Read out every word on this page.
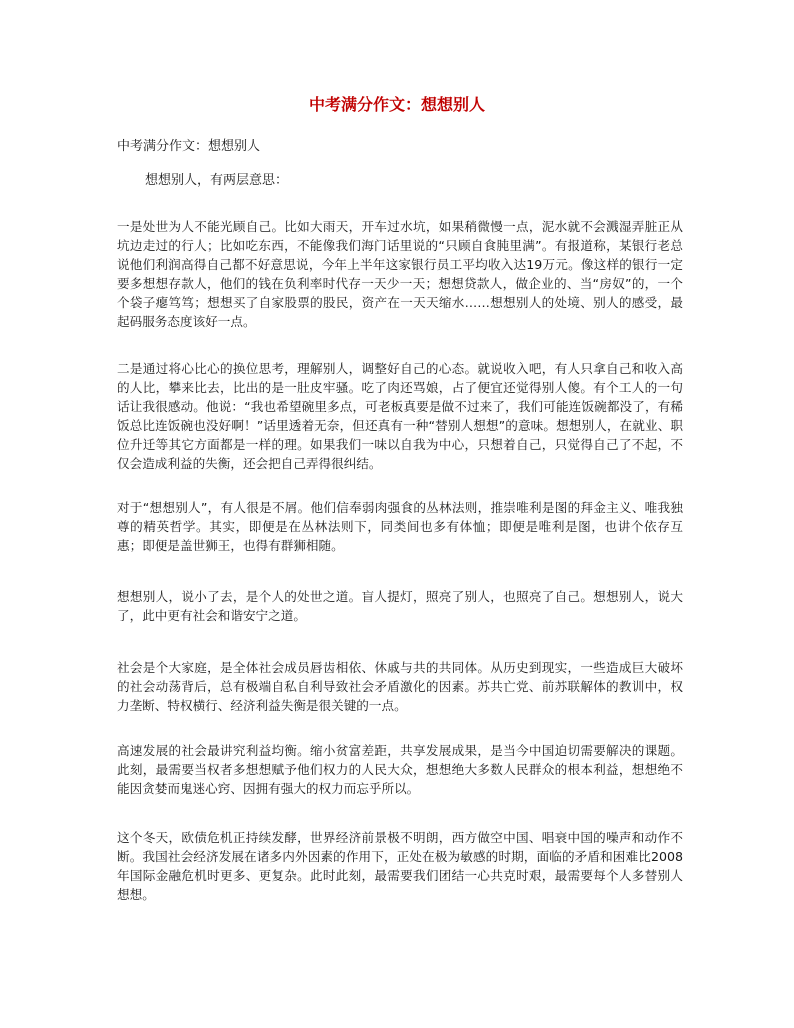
中考满分作文：想想别人

中考满分作文：想想别人

想想别人，有两层意思：

一是处世为人不能光顾自己。比如大雨天，开车过水坑，如果稍微慢一点，泥水就不会溅湿弄脏正从坑边走过的行人；比如吃东西，不能像我们海门话里说的“只顾自食肫里满”。有报道称，某银行老总说他们利润高得自己都不好意思说，今年上半年这家银行员工平均收入达19万元。像这样的银行一定要多想想存款人，他们的钱在负利率时代存一天少一天；想想贷款人，做企业的、当“房奴”的，一个个袋子瘪笃笃；想想买了自家股票的股民，资产在一天天缩水……想想别人的处境、别人的感受，最起码服务态度该好一点。

二是通过将心比心的换位思考，理解别人，调整好自己的心态。就说收入吧，有人只拿自己和收入高的人比，攀来比去，比出的是一肚皮牢骚。吃了肉还骂娘，占了便宜还觉得别人傻。有个工人的一句话让我很感动。他说：“我也希望碗里多点，可老板真要是做不过来了，我们可能连饭碗都没了，有稀饭总比连饭碗也没好啊！”话里透着无奈，但还真有一种“替别人想想”的意味。想想别人，在就业、职位升迁等其它方面都是一样的理。如果我们一味以自我为中心，只想着自己，只觉得自己了不起，不仅会造成利益的失衡，还会把自己弄得很纠结。

对于“想想别人”，有人很是不屑。他们信奉弱肉强食的丛林法则，推崇唯利是图的拜金主义、唯我独尊的精英哲学。其实，即便是在丛林法则下，同类间也多有体恤；即便是唯利是图，也讲个依存互惠；即便是盖世狮王，也得有群狮相随。

想想别人，说小了去，是个人的处世之道。盲人提灯，照亮了别人，也照亮了自己。想想别人，说大了，此中更有社会和谐安宁之道。

社会是个大家庭，是全体社会成员唇齿相依、休戚与共的共同体。从历史到现实，一些造成巨大破坏的社会动荡背后，总有极端自私自利导致社会矛盾激化的因素。苏共亡党、前苏联解体的教训中，权力垄断、特权横行、经济利益失衡是很关键的一点。

高速发展的社会最讲究利益均衡。缩小贫富差距，共享发展成果，是当今中国迫切需要解决的课题。此刻，最需要当权者多想想赋予他们权力的人民大众，想想绝大多数人民群众的根本利益，想想绝不能因贪婪而鬼迷心窍、因拥有强大的权力而忘乎所以。

这个冬天，欧债危机正持续发酵，世界经济前景极不明朗，西方做空中国、唱衰中国的噪声和动作不断。我国社会经济发展在诸多内外因素的作用下，正处在极为敏感的时期，面临的矛盾和困难比2008年国际金融危机时更多、更复杂。此时此刻，最需要我们团结一心共克时艰，最需要每个人多替别人想想。
